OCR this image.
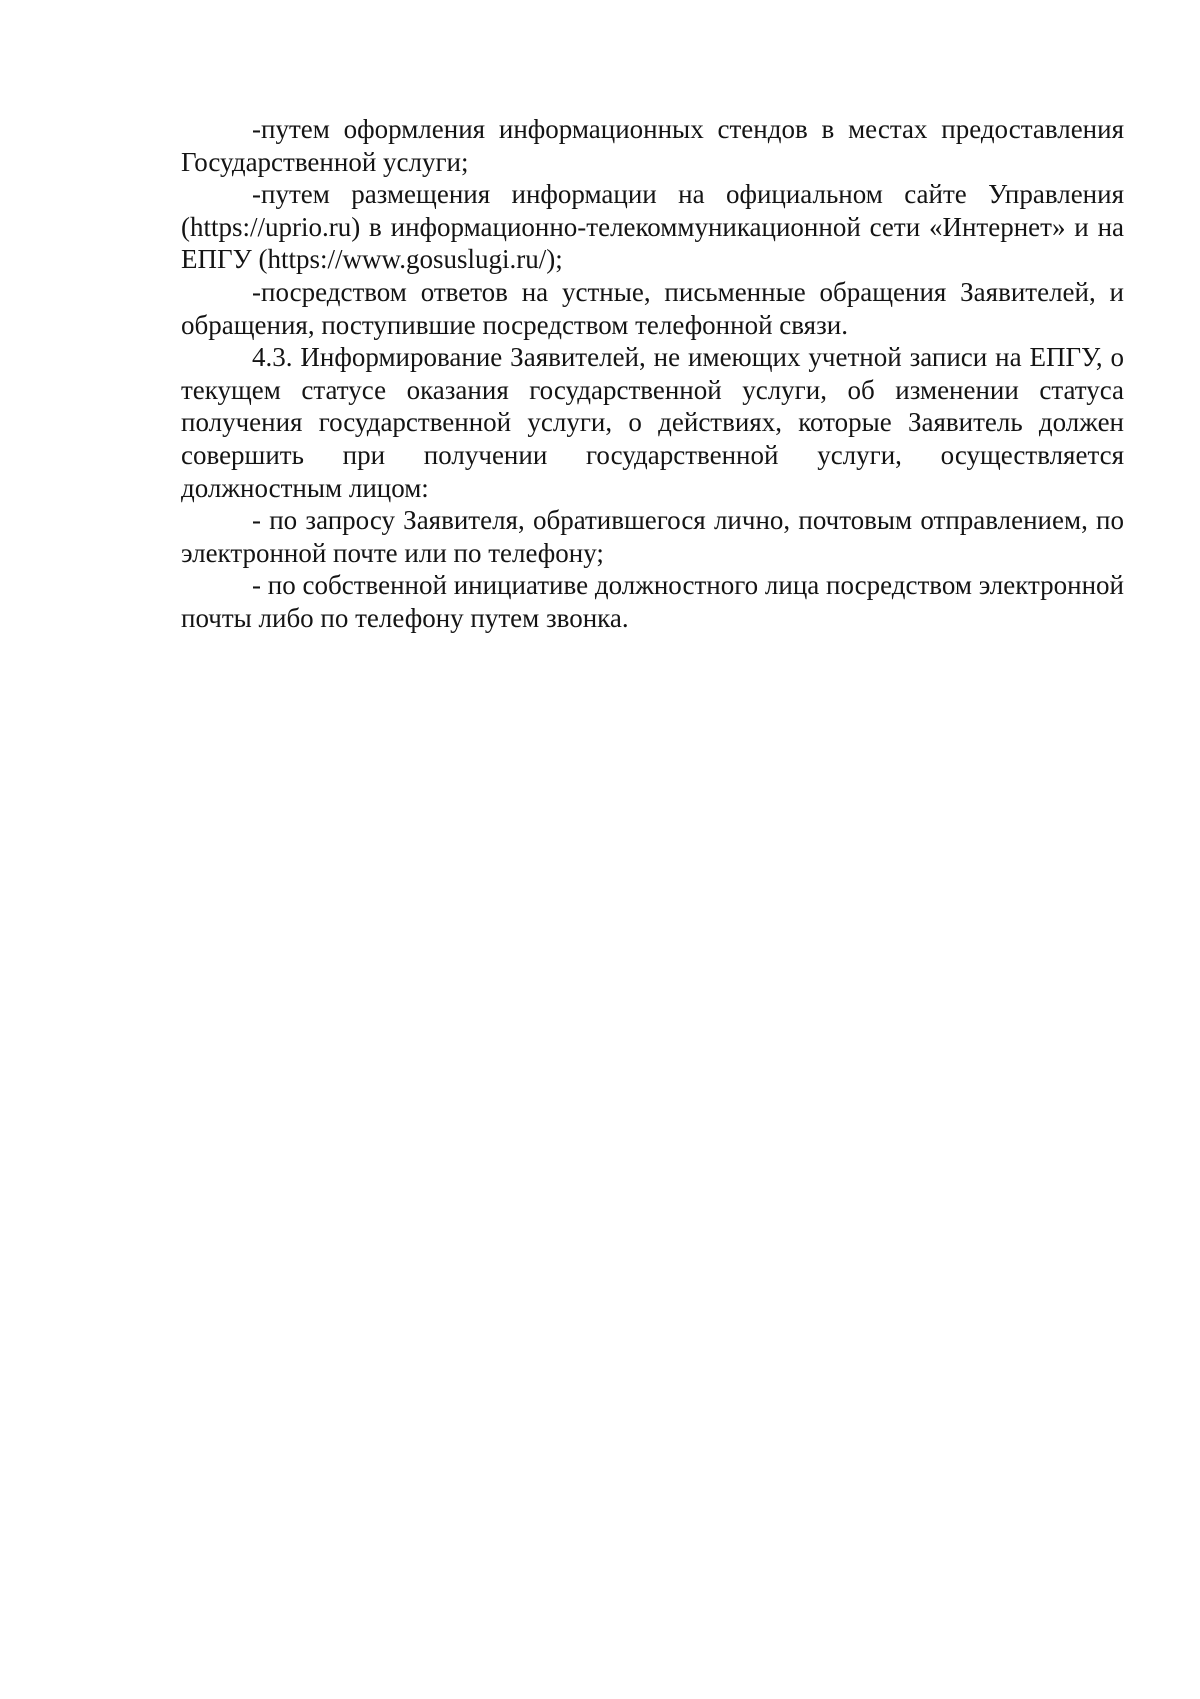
-путем оформления информационных стендов в местах предоставления Государственной услуги;

-путем размещения информации на официальном сайте Управления (https://uprio.ru) в информационно-телекоммуникационной сети «Интернет» и на ЕПГУ (https://www.gosuslugi.ru/);

-посредством ответов на устные, письменные обращения Заявителей, и обращения, поступившие посредством телефонной связи.

4.3. Информирование Заявителей, не имеющих учетной записи на ЕПГУ, о текущем статусе оказания государственной услуги, об изменении статуса получения государственной услуги, о действиях, которые Заявитель должен совершить при получении государственной услуги, осуществляется должностным лицом:

- по запросу Заявителя, обратившегося лично, почтовым отправлением, по электронной почте или по телефону;

- по собственной инициативе должностного лица посредством электронной почты либо по телефону путем звонка.
